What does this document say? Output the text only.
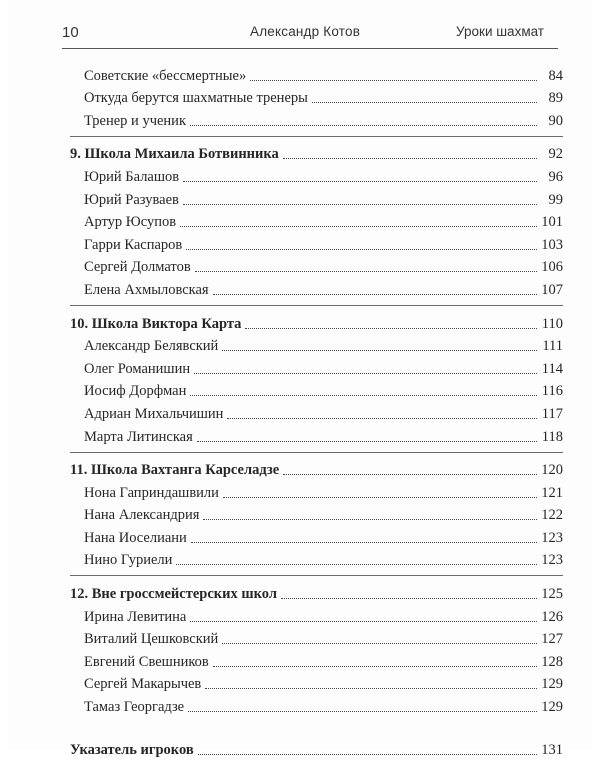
10	Александр Котов	Уроки шахмат
Советские «бессмертные»	84
Откуда берутся шахматные тренеры	89
Тренер и ученик	90
9. Школа Михаила Ботвинника	92
Юрий Балашов	96
Юрий Разуваев	99
Артур Юсупов	101
Гарри Каспаров	103
Сергей Долматов	106
Елена Ахмыловская	107
10. Школа Виктора Карта	110
Александр Белявский	111
Олег Романишин	114
Иосиф Дорфман	116
Адриан Михальчишин	117
Марта Литинская	118
11. Школа Вахтанга Карселадзе	120
Нона Гаприндашвили	121
Нана Александрия	122
Нана Иоселиани	123
Нино Гуриели	123
12. Вне гроссмейстерских школ	125
Ирина Левитина	126
Виталий Цешковский	127
Евгений Свешников	128
Сергей Макарычев	129
Тамаз Георгадзе	129
Указатель игроков	131
